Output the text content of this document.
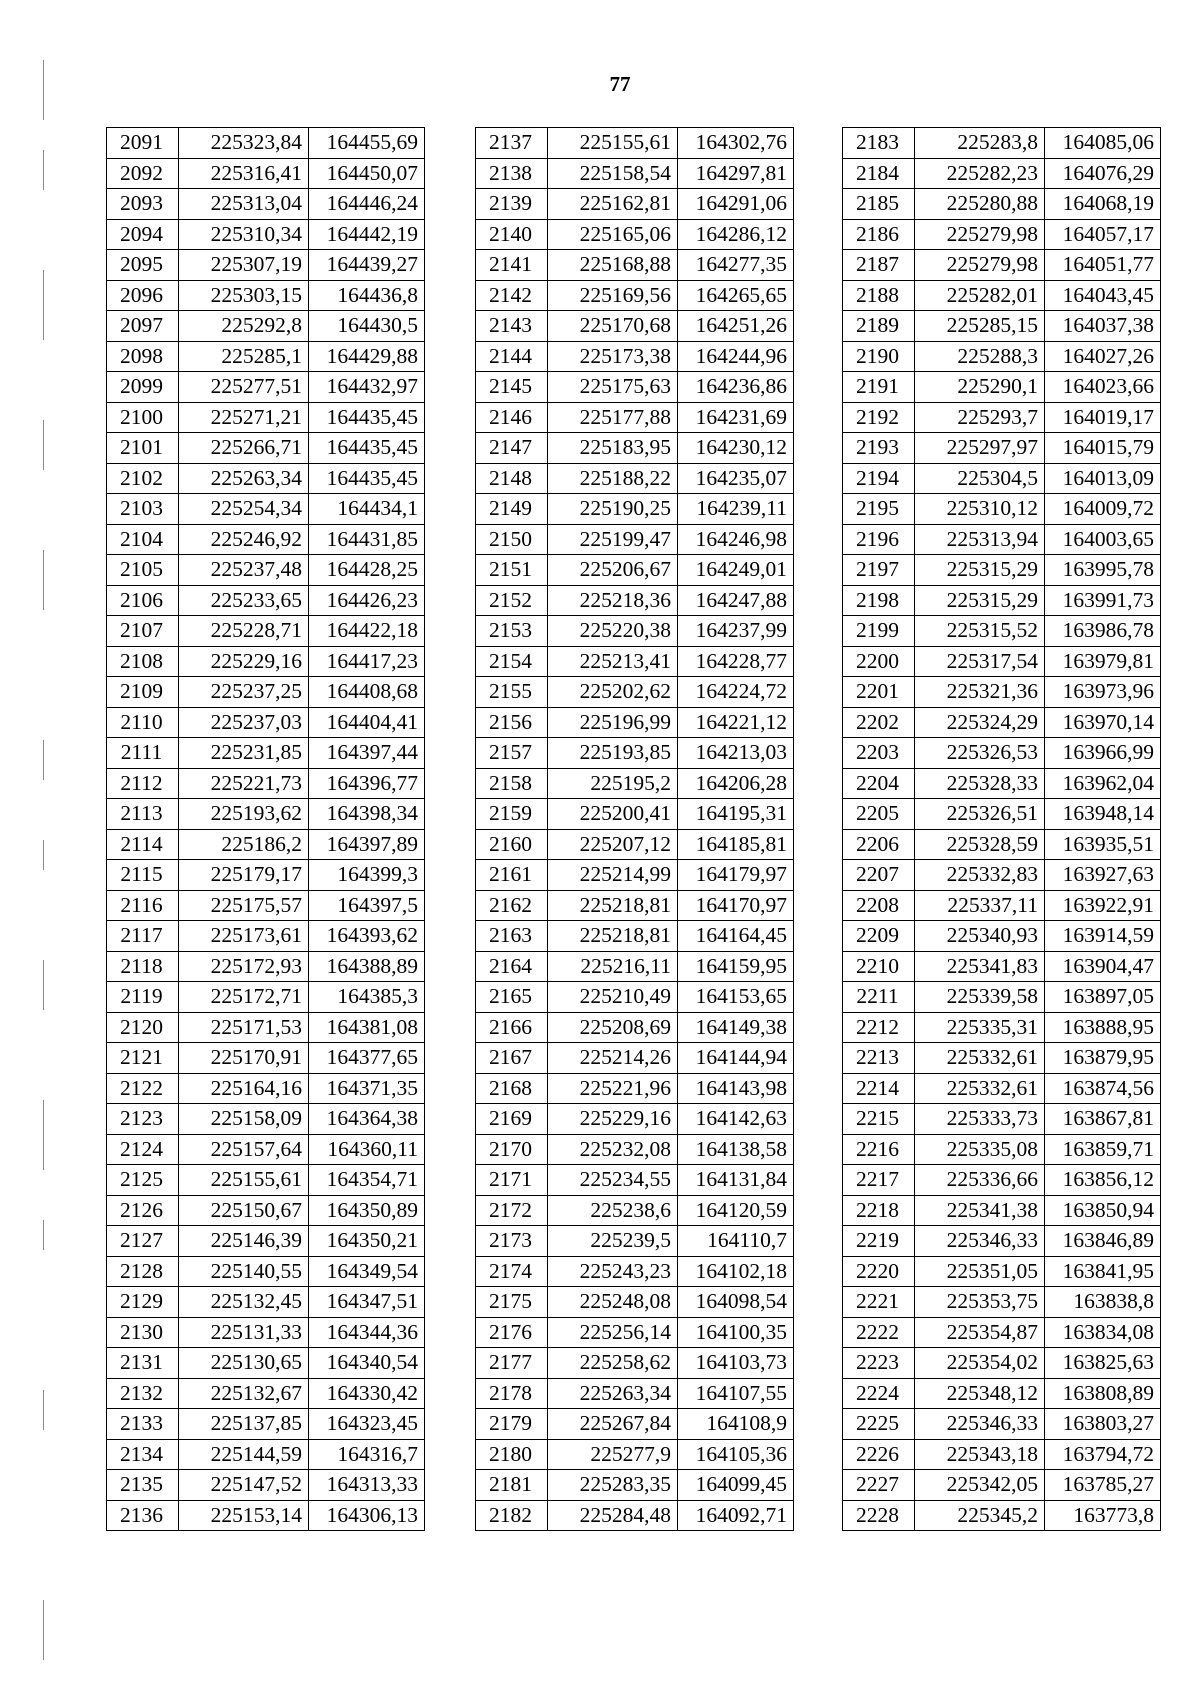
77
2091	225323,84	164455,69
2092	225316,41	164450,07
2093	225313,04	164446,24
2094	225310,34	164442,19
2095	225307,19	164439,27
2096	225303,15	164436,8
2097	225292,8	164430,5
2098	225285,1	164429,88
2099	225277,51	164432,97
2100	225271,21	164435,45
2101	225266,71	164435,45
2102	225263,34	164435,45
2103	225254,34	164434,1
2104	225246,92	164431,85
2105	225237,48	164428,25
2106	225233,65	164426,23
2107	225228,71	164422,18
2108	225229,16	164417,23
2109	225237,25	164408,68
2110	225237,03	164404,41
2111	225231,85	164397,44
2112	225221,73	164396,77
2113	225193,62	164398,34
2114	225186,2	164397,89
2115	225179,17	164399,3
2116	225175,57	164397,5
2117	225173,61	164393,62
2118	225172,93	164388,89
2119	225172,71	164385,3
2120	225171,53	164381,08
2121	225170,91	164377,65
2122	225164,16	164371,35
2123	225158,09	164364,38
2124	225157,64	164360,11
2125	225155,61	164354,71
2126	225150,67	164350,89
2127	225146,39	164350,21
2128	225140,55	164349,54
2129	225132,45	164347,51
2130	225131,33	164344,36
2131	225130,65	164340,54
2132	225132,67	164330,42
2133	225137,85	164323,45
2134	225144,59	164316,7
2135	225147,52	164313,33
2136	225153,14	164306,13
2137	225155,61	164302,76
2138	225158,54	164297,81
2139	225162,81	164291,06
2140	225165,06	164286,12
2141	225168,88	164277,35
2142	225169,56	164265,65
2143	225170,68	164251,26
2144	225173,38	164244,96
2145	225175,63	164236,86
2146	225177,88	164231,69
2147	225183,95	164230,12
2148	225188,22	164235,07
2149	225190,25	164239,11
2150	225199,47	164246,98
2151	225206,67	164249,01
2152	225218,36	164247,88
2153	225220,38	164237,99
2154	225213,41	164228,77
2155	225202,62	164224,72
2156	225196,99	164221,12
2157	225193,85	164213,03
2158	225195,2	164206,28
2159	225200,41	164195,31
2160	225207,12	164185,81
2161	225214,99	164179,97
2162	225218,81	164170,97
2163	225218,81	164164,45
2164	225216,11	164159,95
2165	225210,49	164153,65
2166	225208,69	164149,38
2167	225214,26	164144,94
2168	225221,96	164143,98
2169	225229,16	164142,63
2170	225232,08	164138,58
2171	225234,55	164131,84
2172	225238,6	164120,59
2173	225239,5	164110,7
2174	225243,23	164102,18
2175	225248,08	164098,54
2176	225256,14	164100,35
2177	225258,62	164103,73
2178	225263,34	164107,55
2179	225267,84	164108,9
2180	225277,9	164105,36
2181	225283,35	164099,45
2182	225284,48	164092,71
2183	225283,8	164085,06
2184	225282,23	164076,29
2185	225280,88	164068,19
2186	225279,98	164057,17
2187	225279,98	164051,77
2188	225282,01	164043,45
2189	225285,15	164037,38
2190	225288,3	164027,26
2191	225290,1	164023,66
2192	225293,7	164019,17
2193	225297,97	164015,79
2194	225304,5	164013,09
2195	225310,12	164009,72
2196	225313,94	164003,65
2197	225315,29	163995,78
2198	225315,29	163991,73
2199	225315,52	163986,78
2200	225317,54	163979,81
2201	225321,36	163973,96
2202	225324,29	163970,14
2203	225326,53	163966,99
2204	225328,33	163962,04
2205	225326,51	163948,14
2206	225328,59	163935,51
2207	225332,83	163927,63
2208	225337,11	163922,91
2209	225340,93	163914,59
2210	225341,83	163904,47
2211	225339,58	163897,05
2212	225335,31	163888,95
2213	225332,61	163879,95
2214	225332,61	163874,56
2215	225333,73	163867,81
2216	225335,08	163859,71
2217	225336,66	163856,12
2218	225341,38	163850,94
2219	225346,33	163846,89
2220	225351,05	163841,95
2221	225353,75	163838,8
2222	225354,87	163834,08
2223	225354,02	163825,63
2224	225348,12	163808,89
2225	225346,33	163803,27
2226	225343,18	163794,72
2227	225342,05	163785,27
2228	225345,2	163773,8
